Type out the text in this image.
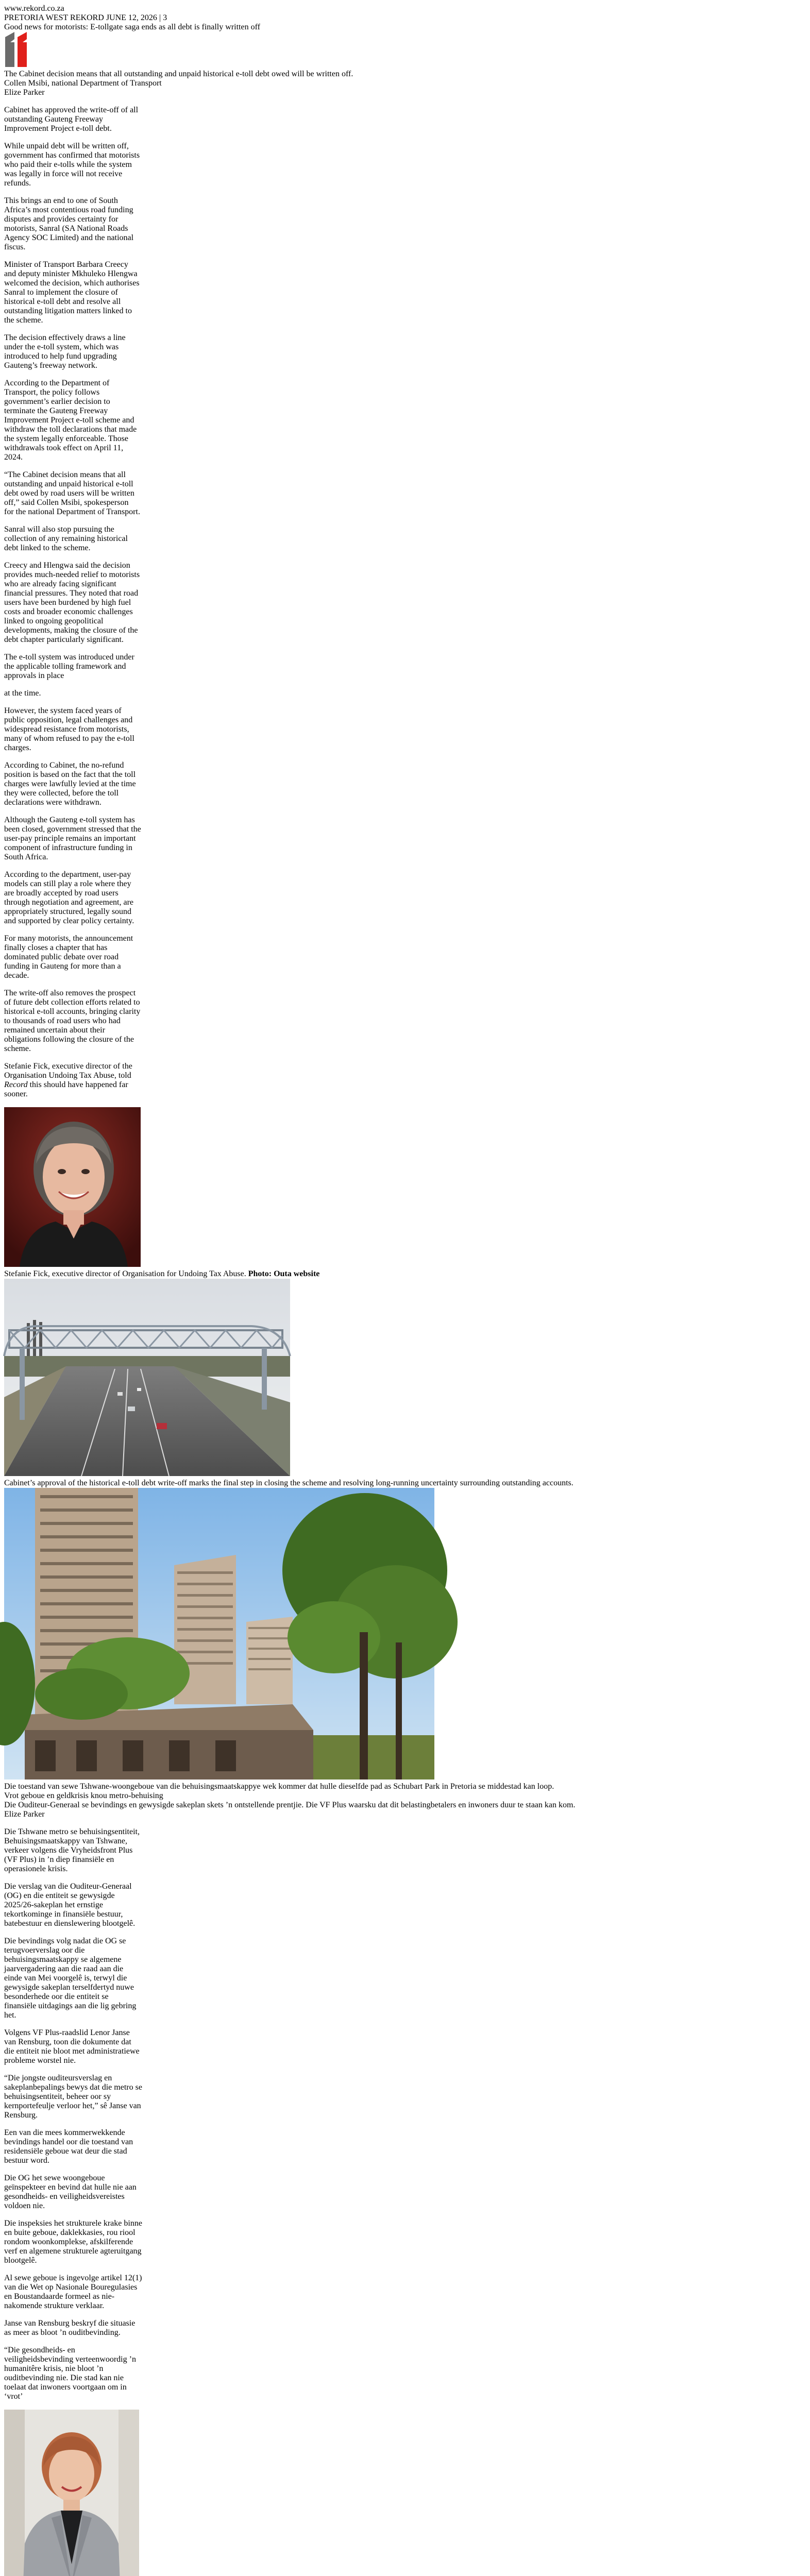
www.rekord.co.za
PRETORIA WEST REKORD JUNE 12, 2026 | 3
Good news for motorists: E-tollgate saga ends as all debt is finally written off
The Cabinet decision means that all outstanding and unpaid historical e-toll debt owed will be written off.
Collen Msibi, national Department of Transport
Elize Parker

Cabinet has approved the write-off of all outstanding Gauteng Freeway Improvement Project e-toll debt.

While unpaid debt will be written off, government has confirmed that motorists who paid their e-tolls while the system was legally in force will not receive refunds.

This brings an end to one of South Africa’s most contentious road funding disputes and provides certainty for motorists, Sanral (SA National Roads Agency SOC Limited) and the national fiscus.

Minister of Transport Barbara Creecy and deputy minister Mkhuleko Hlengwa welcomed the decision, which authorises Sanral to implement the closure of historical e-toll debt and resolve all outstanding litigation matters linked to the scheme.

The decision effectively draws a line under the e-toll system, which was introduced to help fund upgrading Gauteng’s freeway network.

According to the Department of Transport, the policy follows government’s earlier decision to terminate the Gauteng Freeway Improvement Project e-toll scheme and withdraw the toll declarations that made the system legally enforceable. Those withdrawals took effect on April 11, 2024.

“The Cabinet decision means that all outstanding and unpaid historical e-toll debt owed by road users will be written off,” said Collen Msibi, spokesperson for the national Department of Transport.

Sanral will also stop pursuing the collection of any remaining historical debt linked to the scheme.

Creecy and Hlengwa said the decision provides much-needed relief to motorists who are already facing significant financial pressures. They noted that road users have been burdened by high fuel costs and broader economic challenges linked to ongoing geopolitical developments, making the closure of the debt chapter particularly significant.

The e-toll system was introduced under the applicable tolling framework and approvals in place

at the time.

However, the system faced years of public opposition, legal challenges and widespread resistance from motorists, many of whom refused to pay the e-toll charges.

According to Cabinet, the no-refund position is based on the fact that the toll charges were lawfully levied at the time they were collected, before the toll declarations were withdrawn.

Although the Gauteng e-toll system has been closed, government stressed that the user-pay principle remains an important component of infrastructure funding in South Africa.

According to the department, user-pay models can still play a role where they are broadly accepted by road users through negotiation and agreement, are appropriately structured, legally sound and supported by clear policy certainty.

For many motorists, the announcement finally closes a chapter that has dominated public debate over road funding in Gauteng for more than a decade.

The write-off also removes the prospect of future debt collection efforts related to historical e-toll accounts, bringing clarity to thousands of road users who had remained uncertain about their obligations following the closure of the scheme.

Stefanie Fick, executive director of the Organisation Undoing Tax Abuse, told Record this should have happened far sooner.

Stefanie Fick, executive director of Organisation for Undoing Tax Abuse. Photo: Outa website
Cabinet’s approval of the historical e-toll debt write-off marks the final step in closing the scheme and resolving long-running uncertainty surrounding outstanding accounts.
Die toestand van sewe Tshwane-woongeboue van die behuisingsmaatskappye wek kommer dat hulle dieselfde pad as Schubart Park in Pretoria se middestad kan loop.
Vrot geboue en geldkrisis knou metro-behuising
Die Ouditeur-Generaal se bevindings en gewysigde sakeplan skets ’n ontstellende prentjie. Die VF Plus waarsku dat dit belastingbetalers en inwoners duur te staan kan kom.
Elize Parker

Die Tshwane metro se behuisingsentiteit, Behuisingsmaatskappy van Tshwane, verkeer volgens die Vryheidsfront Plus (VF Plus) in ’n diep finansiële en operasionele krisis.

Die verslag van die Ouditeur-Generaal (OG) en die entiteit se gewysigde 2025/26-sakeplan het ernstige tekortkominge in finansiële bestuur, batebestuur en dienslewering blootgelê.

Die bevindings volg nadat die OG se terugvoerverslag oor die behuisingsmaatskappy se algemene jaarvergadering aan die raad aan die einde van Mei voorgelê is, terwyl die gewysigde sakeplan terselfdertyd nuwe besonderhede oor die entiteit se finansiële uitdagings aan die lig gebring het.

Volgens VF Plus-raadslid Lenor Janse van Rensburg, toon die dokumente dat die entiteit nie bloot met administratiewe probleme worstel nie.

“Die jongste ouditeursverslag en sakeplanbepalings bewys dat die metro se behuisingsentiteit, beheer oor sy kernportefeulje verloor het,” sê Janse van Rensburg.

Een van die mees kommerwekkende bevindings handel oor die toestand van residensiële geboue wat deur die stad bestuur word.

Die OG het sewe woongeboue geïnspekteer en bevind dat hulle nie aan gesondheids- en veiligheidsvereistes voldoen nie.

Die inspeksies het strukturele krake binne en buite geboue, daklekkasies, rou riool rondom woonkomplekse, afskilferende verf en algemene strukturele agteruitgang blootgelê.

Al sewe geboue is ingevolge artikel 12(1) van die Wet op Nasionale Bouregulasies en Boustandaarde formeel as nie-nakomende strukture verklaar.

Janse van Rensburg beskryf die situasie as meer as bloot ’n ouditbevinding.

“Die gesondheids- en veiligheidsbevinding verteenwoordig ’n humanitêre krisis, nie bloot ’n ouditbevinding nie. Die stad kan nie toelaat dat inwoners voortgaan om in ‘vrot’
